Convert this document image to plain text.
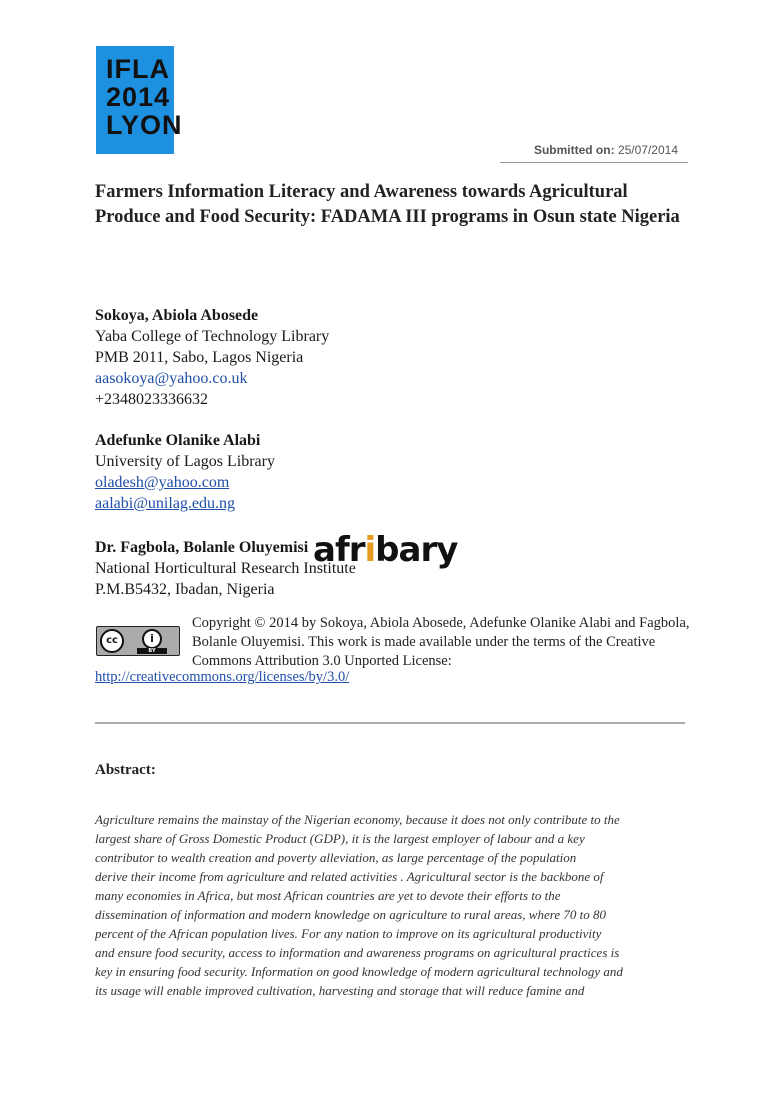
IFLA
2014
LYON
Submitted on: 25/07/2014
Farmers Information Literacy and Awareness towards Agricultural Produce and Food Security: FADAMA III programs in Osun state Nigeria
Sokoya, Abiola Abosede
Yaba College of Technology Library
PMB 2011, Sabo, Lagos Nigeria
aasokoya@yahoo.co.uk
+2348023336632
Adefunke Olanike Alabi
University of Lagos Library
oladesh@yahoo.com
aalabi@unilag.edu.ng
Dr. Fagbola, Bolanle Oluyemisi
National Horticultural Research Institute
P.M.B5432, Ibadan, Nigeria
afribary
cc	i
BY
Copyright © 2014 by Sokoya, Abiola Abosede, Adefunke Olanike Alabi and Fagbola, Bolanle Oluyemisi. This work is made available under the terms of the Creative Commons Attribution 3.0 Unported License:
http://creativecommons.org/licenses/by/3.0/
Abstract:
Agriculture remains the mainstay of the Nigerian economy, because it does not only contribute to the
largest share of Gross Domestic Product (GDP), it is the largest employer of labour and a key
contributor to wealth creation and poverty alleviation, as large percentage of the population
derive their income from agriculture and related activities . Agricultural sector is the backbone of
many economies in Africa, but most African countries are yet to devote their efforts to the
dissemination of information and modern knowledge on agriculture to rural areas, where 70 to 80
percent of the African population lives. For any nation to improve on its agricultural productivity
and ensure food security, access to information and awareness programs on agricultural practices is
key in ensuring food security. Information on good knowledge of modern agricultural technology and
its usage will enable improved cultivation, harvesting and storage that will reduce famine and
